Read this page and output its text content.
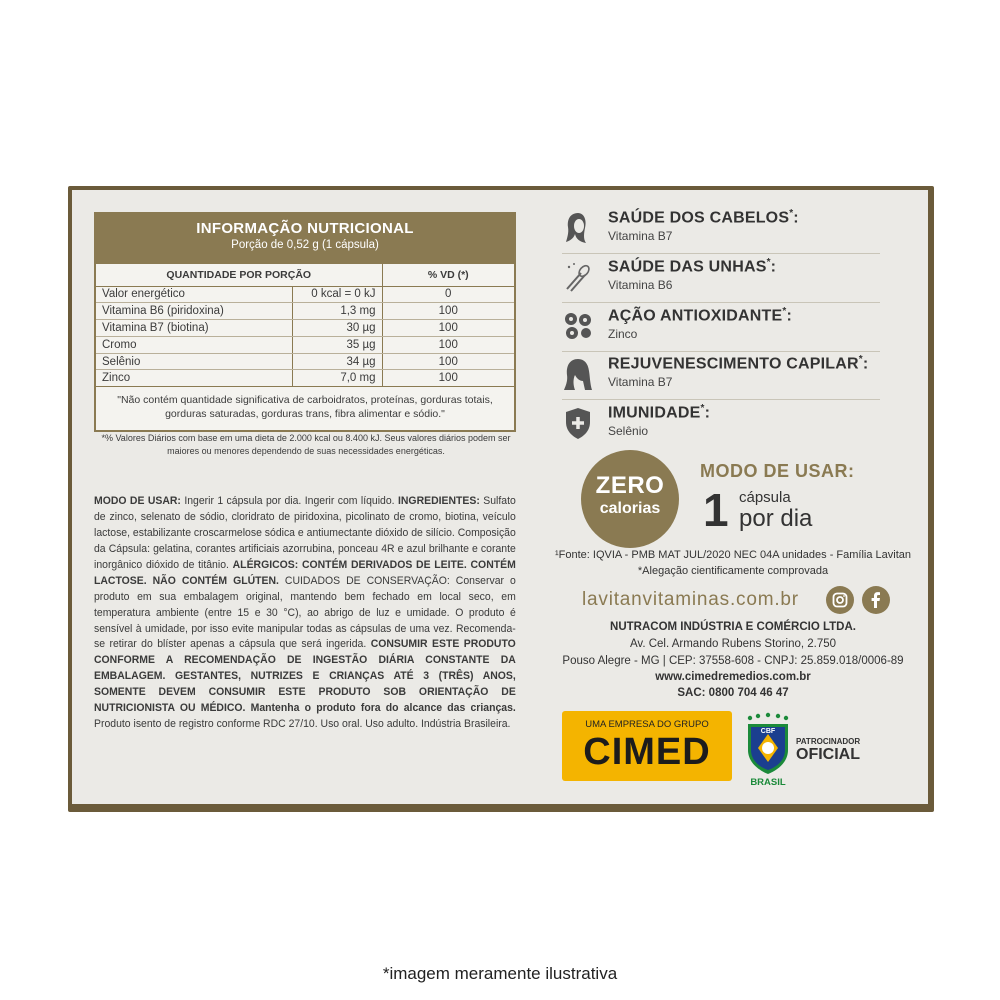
INFORMAÇÃO NUTRICIONAL
Porção de 0,52 g (1 cápsula)
QUANTIDADE POR PORÇÃO		% VD (*)
Valor energético	0 kcal = 0 kJ	0
Vitamina B6 (piridoxina)	1,3 mg	100
Vitamina B7 (biotina)	30 µg	100
Cromo	35 µg	100
Selênio	34 µg	100
Zinco	7,0 mg	100
"Não contém quantidade significativa de carboidratos, proteínas, gorduras totais, gorduras saturadas, gorduras trans, fibra alimentar e sódio."
*% Valores Diários com base em uma dieta de 2.000 kcal ou 8.400 kJ. Seus valores diários podem ser maiores ou menores dependendo de suas necessidades energéticas.
MODO DE USAR: Ingerir 1 cápsula por dia. Ingerir com líquido. INGREDIENTES: Sulfato de zinco, selenato de sódio, cloridrato de piridoxina, picolinato de cromo, biotina, veículo lactose, estabilizante croscarmelose sódica e antiumectante dióxido de silício. Composição da Cápsula: gelatina, corantes artificiais azorrubina, ponceau 4R e azul brilhante e corante inorgânico dióxido de titânio. ALÉRGICOS: CONTÉM DERIVADOS DE LEITE. CONTÉM LACTOSE. NÃO CONTÉM GLÚTEN. CUIDADOS DE CONSERVAÇÃO: Conservar o produto em sua embalagem original, mantendo bem fechado em local seco, em temperatura ambiente (entre 15 e 30 °C), ao abrigo de luz e umidade. O produto é sensível à umidade, por isso evite manipular todas as cápsulas de uma vez. Recomenda-se retirar do blíster apenas a cápsula que será ingerida. CONSUMIR ESTE PRODUTO CONFORME A RECOMENDAÇÃO DE INGESTÃO DIÁRIA CONSTANTE DA EMBALAGEM. GESTANTES, NUTRIZES E CRIANÇAS ATÉ 3 (TRÊS) ANOS, SOMENTE DEVEM CONSUMIR ESTE PRODUTO SOB ORIENTAÇÃO DE NUTRICIONISTA OU MÉDICO. Mantenha o produto fora do alcance das crianças. Produto isento de registro conforme RDC 27/10. Uso oral. Uso adulto. Indústria Brasileira.
SAÚDE DOS CABELOS*:
Vitamina B7
SAÚDE DAS UNHAS*:
Vitamina B6
AÇÃO ANTIOXIDANTE*:
Zinco
REJUVENESCIMENTO CAPILAR*:
Vitamina B7
IMUNIDADE*:
Selênio
ZERO
calorias
MODO DE USAR:
1 cápsula
por dia
¹Fonte: IQVIA - PMB MAT JUL/2020 NEC 04A unidades - Família Lavitan
*Alegação cientificamente comprovada
lavitanvitaminas.com.br
NUTRACOM INDÚSTRIA E COMÉRCIO LTDA.
Av. Cel. Armando Rubens Storino, 2.750
Pouso Alegre - MG | CEP: 37558-608 - CNPJ: 25.859.018/0006-89
www.cimedremedios.com.br
SAC: 0800 704 46 47
UMA EMPRESA DO GRUPO
CIMED	CBF
BRASIL
PATROCINADOR
OFICIAL
*imagem meramente ilustrativa
